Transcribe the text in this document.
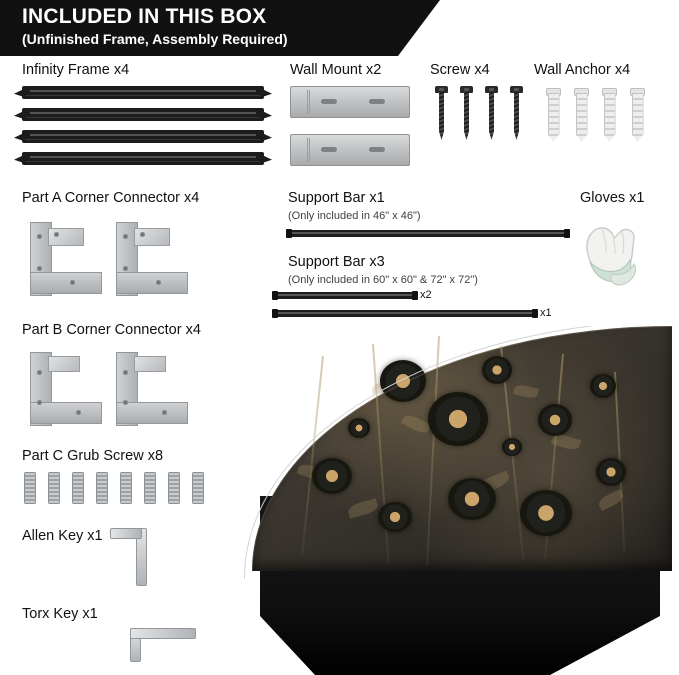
INCLUDED IN THIS BOX
(Unfinished Frame, Assembly Required)
Infinity Frame x4	Wall Mount x2	Screw x4	Wall Anchor x4
Part A Corner Connector x4	Support Bar x1
(Only included in 46" x 46")
Support Bar x3
(Only included in 60" x 60" & 72" x 72")
x2
x1
Gloves x1
Part B Corner Connector x4
Part C Grub Screw x8
Allen Key x1
Torx Key x1
